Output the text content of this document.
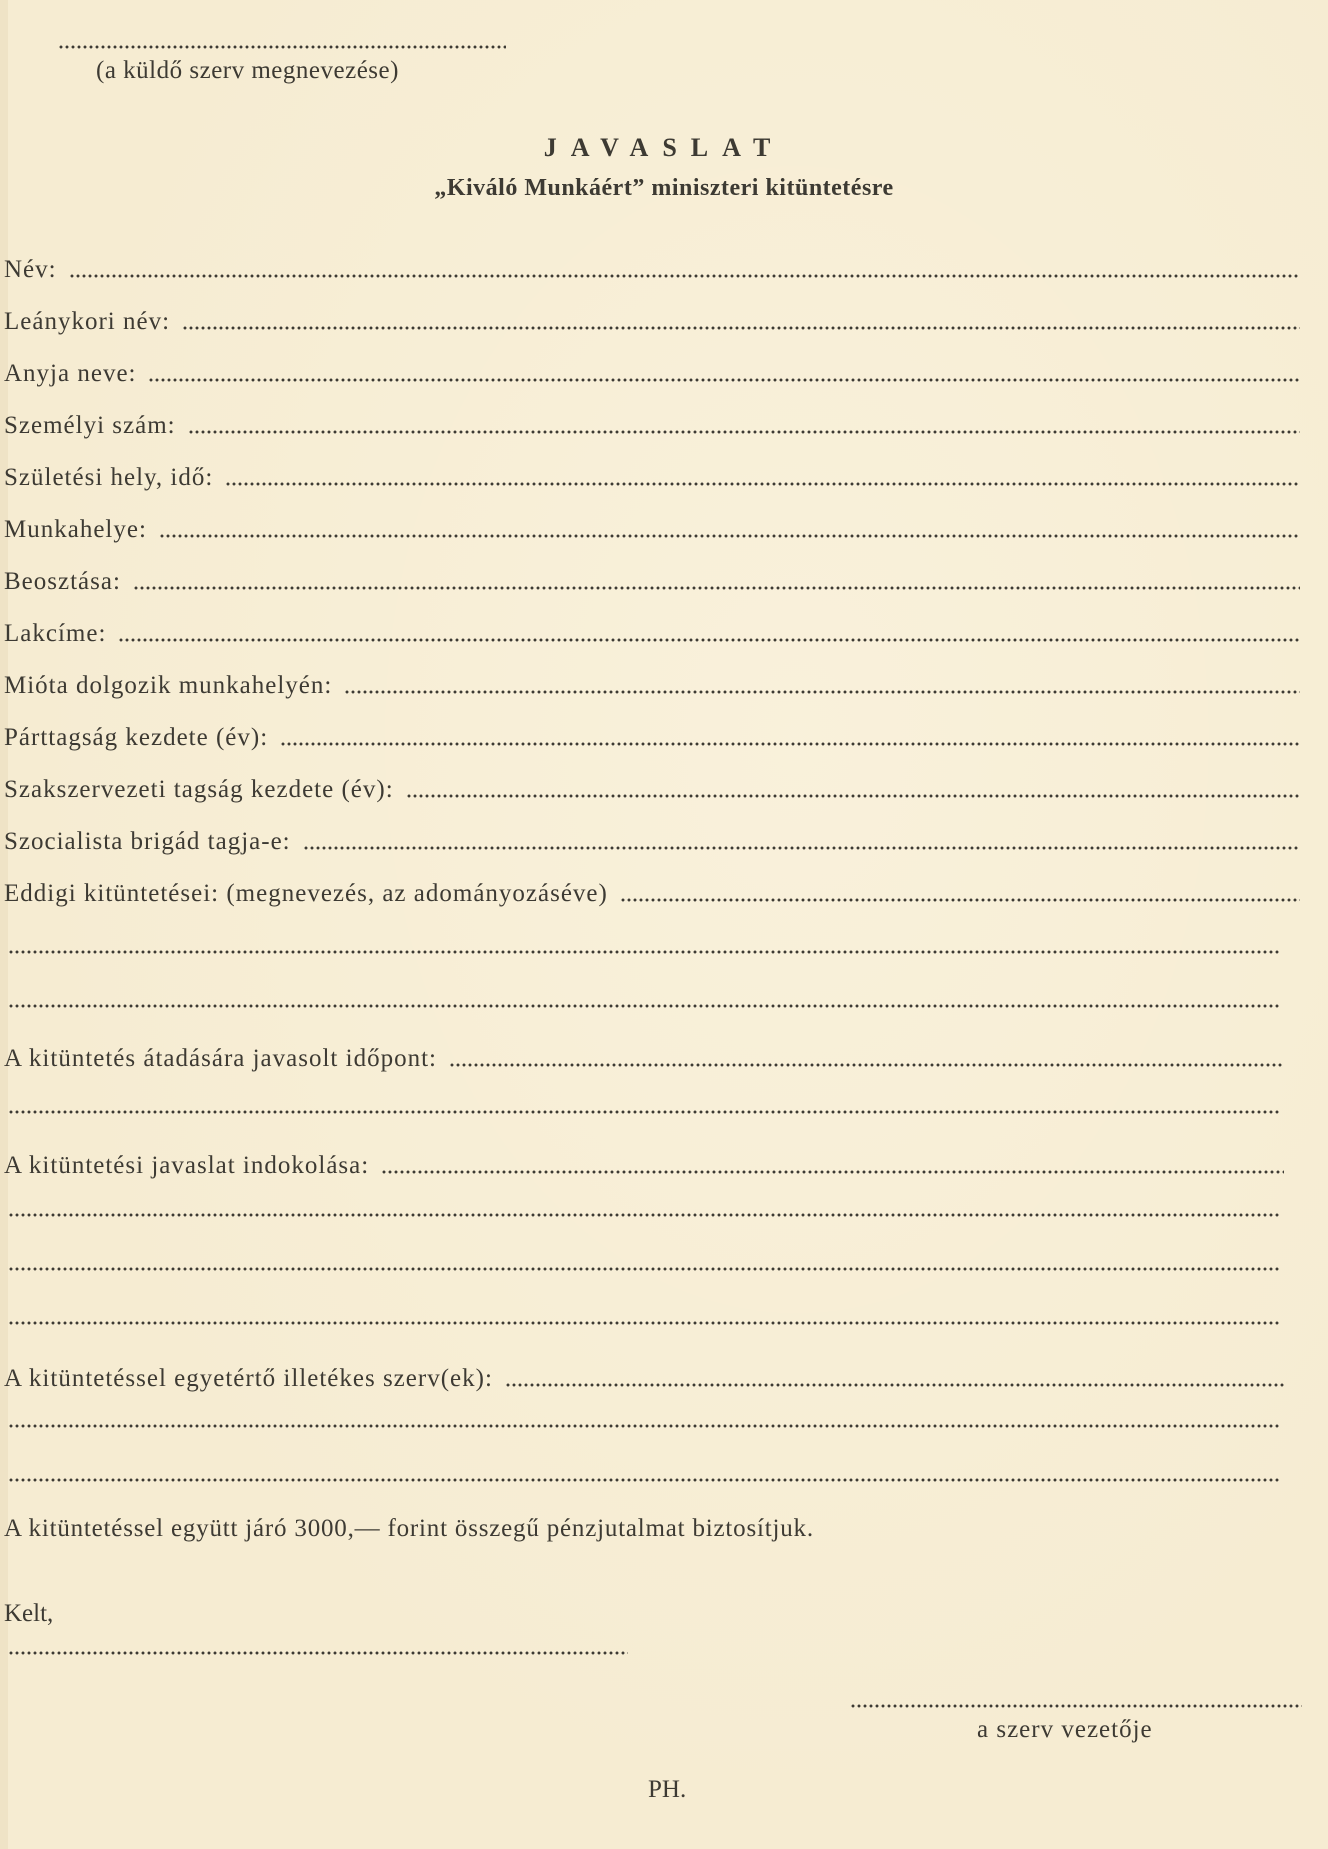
(a küldő szerv megnevezése)
JAVASLAT
„Kiváló Munkáért” miniszteri kitüntetésre
Név:
Leánykori név:
Anyja neve:
Személyi szám:
Születési hely, idő:
Munkahelye:
Beosztása:
Lakcíme:
Mióta dolgozik munkahelyén:
Párttagság kezdete (év):
Szakszervezeti tagság kezdete (év):
Szocialista brigád tagja-e:
Eddigi kitüntetései: (megnevezés, az adományozáséve)
A kitüntetés átadására javasolt időpont:
A kitüntetési javaslat indokolása:
A kitüntetéssel egyetértő illetékes szerv(ek):
A kitüntetéssel együtt járó 3000,— forint összegű pénzjutalmat biztosítjuk.
Kelt,
a szerv vezetője
PH.
